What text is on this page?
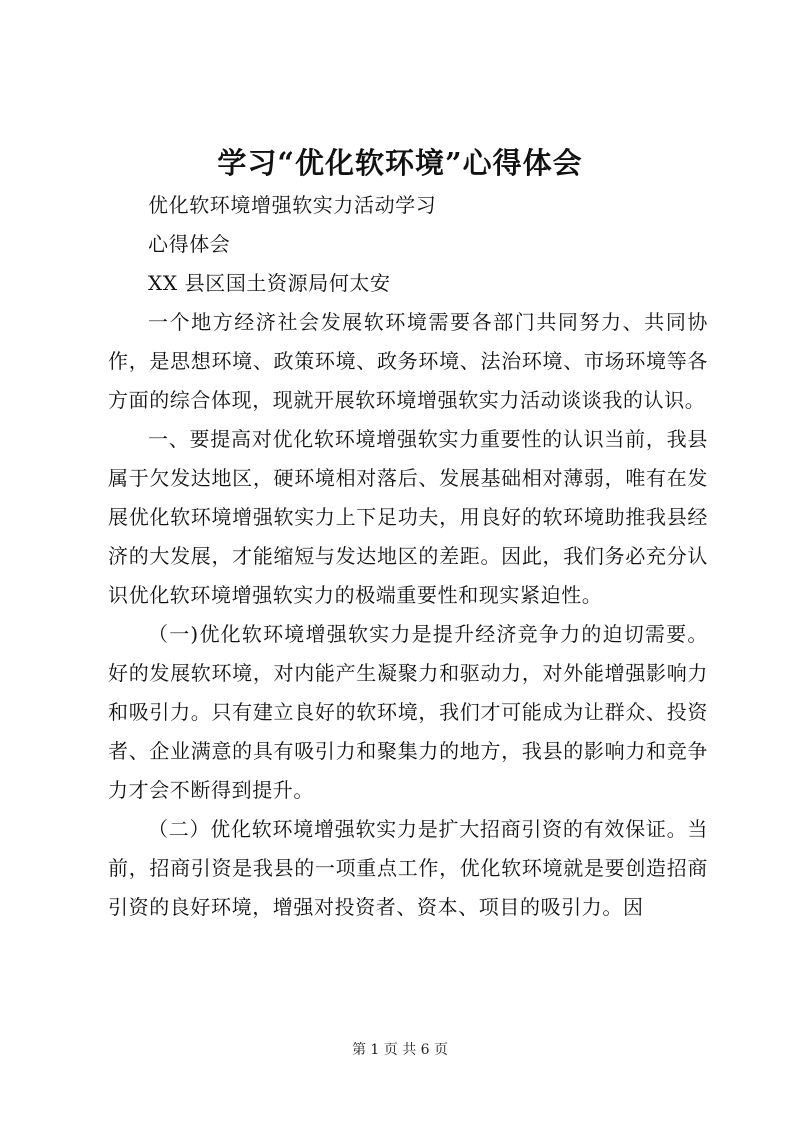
学习“优化软环境”心得体会

优化软环境增强软实力活动学习

心得体会

XX 县区国土资源局何太安

一个地方经济社会发展软环境需要各部门共同努力、共同协作，是思想环境、政策环境、政务环境、法治环境、市场环境等各方面的综合体现，现就开展软环境增强软实力活动谈谈我的认识。

一、要提高对优化软环境增强软实力重要性的认识当前，我县属于欠发达地区，硬环境相对落后、发展基础相对薄弱，唯有在发展优化软环境增强软实力上下足功夫，用良好的软环境助推我县经济的大发展，才能缩短与发达地区的差距。因此，我们务必充分认识优化软环境增强软实力的极端重要性和现实紧迫性。

（一)优化软环境增强软实力是提升经济竞争力的迫切需要。好的发展软环境，对内能产生凝聚力和驱动力，对外能增强影响力和吸引力。只有建立良好的软环境，我们才可能成为让群众、投资者、企业满意的具有吸引力和聚集力的地方，我县的影响力和竞争力才会不断得到提升。

（二）优化软环境增强软实力是扩大招商引资的有效保证。当前，招商引资是我县的一项重点工作，优化软环境就是要创造招商引资的良好环境，增强对投资者、资本、项目的吸引力。因

第 1 页 共 6 页
